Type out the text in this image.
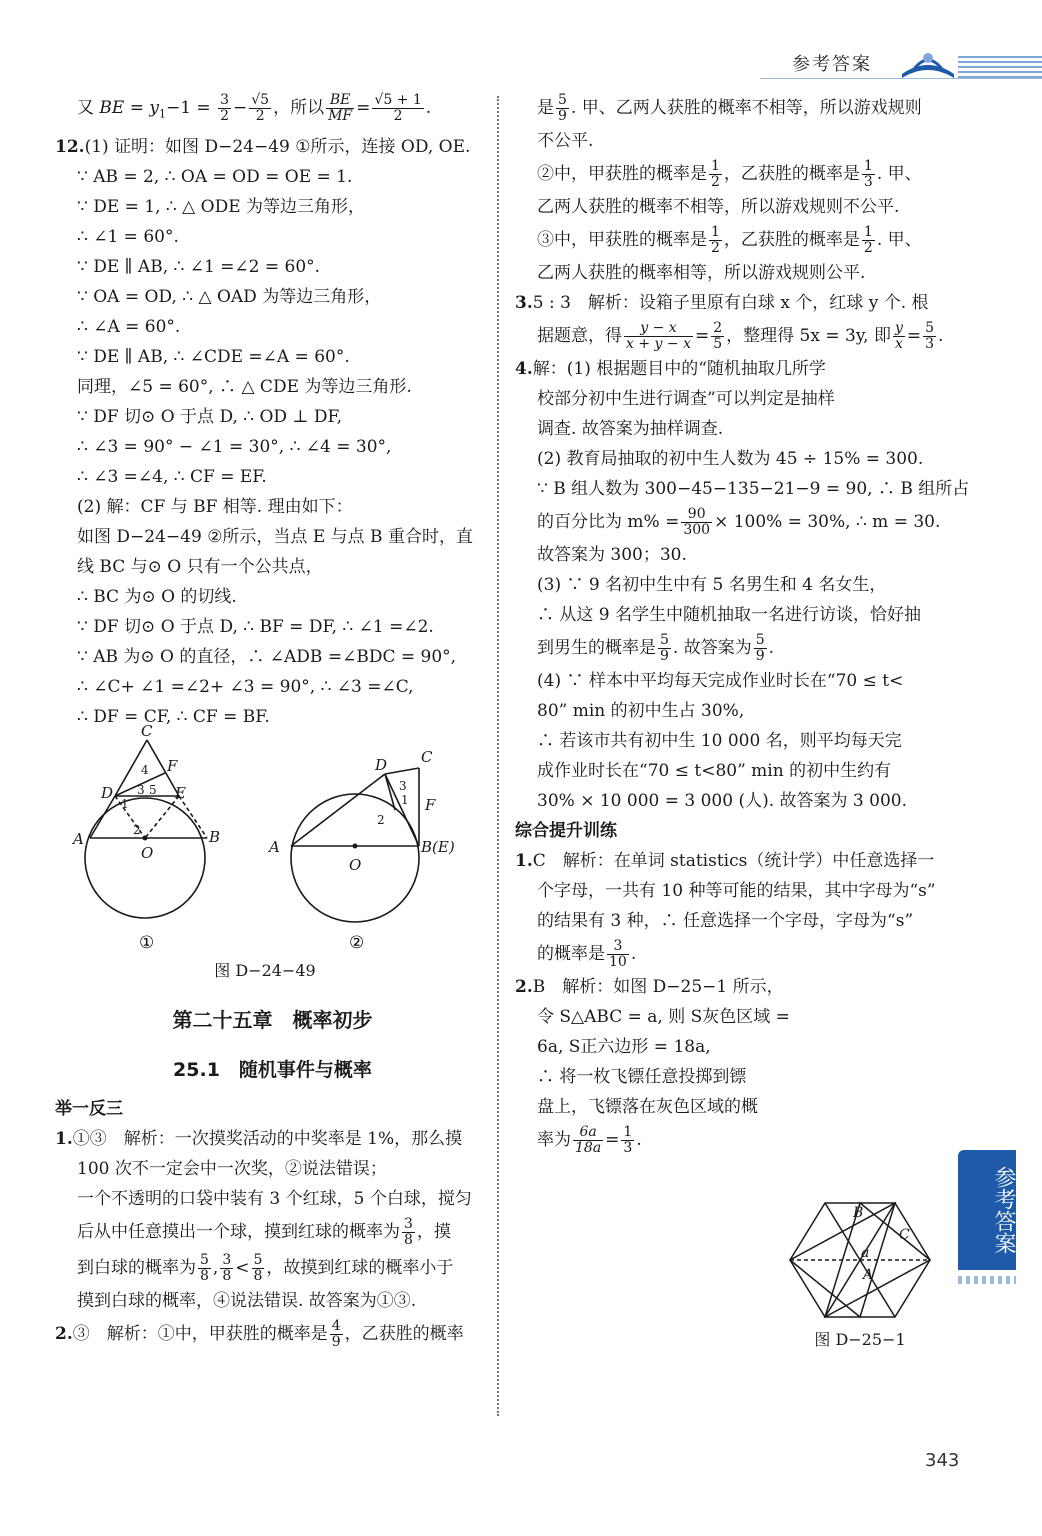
参考答案
又 BE = $y_1-1 = \frac{3}{2} - \frac{√5}{2}$ ，所以 $\frac{BE}{MF} = \frac{√5 + 1}{2}$ .
12.(1) 证明：如图 D−24−49 ①所示，连接 OD, OE.
∵ AB = 2, ∴ OA = OD = OE = 1.
∵ DE = 1, ∴ △ ODE 为等边三角形，
∴ ∠1 = 60°.
∵ DE ∥ AB, ∴ ∠1 =∠2 = 60°.
∵ OA = OD, ∴ △ OAD 为等边三角形，
∴ ∠A = 60°.
∵ DE ∥ AB, ∴ ∠CDE =∠A = 60°.
同理，∠5 = 60°, ∴ △ CDE 为等边三角形.
∵ DF 切⊙ O 于点 D, ∴ OD ⊥ DF,
∴ ∠3 = 90° − ∠1 = 30°, ∴ ∠4 = 30°,
∴ ∠3 =∠4, ∴ CF = EF.
(2) 解：CF 与 BF 相等. 理由如下：
如图 D−24−49 ②所示，当点 E 与点 B 重合时，直
线 BC 与⊙ O 只有一个公共点，
∴ BC 为⊙ O 的切线.
∵ DF 切⊙ O 于点 D, ∴ BF = DF, ∴ ∠1 =∠2.
∵ AB 为⊙ O 的直径，∴ ∠ADB =∠BDC = 90°,
∴ ∠C+ ∠1 =∠2+ ∠3 = 90°, ∴ ∠3 =∠C,
∴ DF = CF, ∴ CF = BF.
C
F
D	E
A	B
O
C
D
F
A	B(E)
O
4
3 5
1
2
3
1
2
①	②
图 D−24−49
第二十五章　概率初步
25.1　随机事件与概率
举一反三
1.①③　 解析：一次摸奖活动的中奖率是 1%，那么摸
100 次不一定会中一次奖，②说法错误；
一个不透明的口袋中装有 3 个红球，5 个白球，搅匀
后从中任意摸出一个球，摸到红球的概率为 $\frac{3}{8}$ ，摸
到白球的概率为 $\frac{5}{8}$ , $\frac{3}{8} < \frac{5}{8}$ ，故摸到红球的概率小于
摸到白球的概率，④说法错误. 故答案为①③.
2.③　 解析：①中，甲获胜的概率是 $\frac{4}{9}$ ，乙获胜的概率
是 $\frac{5}{9}$ . 甲、乙两人获胜的概率不相等，所以游戏规则
不公平.
②中，甲获胜的概率是 $\frac{1}{2}$ ，乙获胜的概率是 $\frac{1}{3}$ . 甲、
乙两人获胜的概率不相等，所以游戏规则不公平.
③中，甲获胜的概率是 $\frac{1}{2}$ ，乙获胜的概率是 $\frac{1}{2}$ . 甲、
乙两人获胜的概率相等，所以游戏规则公平.
3.5 : 3　解析：设箱子里原有白球 x 个，红球 y 个. 根
据题意，得 $\frac{y - x}{x + y - x} = \frac{2}{5}$ ，整理得 5x = 3y, 即 $\frac{y}{x} = \frac{5}{3}$ .
4.解：(1) 根据题目中的“随机抽取几所学
校部分初中生进行调查”可以判定是抽样
调查. 故答案为抽样调查.
(2) 教育局抽取的初中生人数为 45 ÷ 15% = 300.
∵ B 组人数为 300−45−135−21−9 = 90, ∴ B 组所占
的百分比为 $m\% = \frac{90}{300} \times 100\% = 30\%$, ∴ m = 30.
故答案为 300；30.
(3) ∵ 9 名初中生中有 5 名男生和 4 名女生，
∴ 从这 9 名学生中随机抽取一名进行访谈，恰好抽
到男生的概率是 $\frac{5}{9}$ . 故答案为 $\frac{5}{9}$ .
(4) ∵ 样本中平均每天完成作业时长在“70 ≤ t<
80” min 的初中生占 30%,
∴ 若该市共有初中生 10 000 名，则平均每天完
成作业时长在“70 ≤ t<80” min 的初中生约有
30% × 10 000 = 3 000 (人). 故答案为 3 000.
综合提升训练
1.C　解析：在单词 statistics（统计学）中任意选择一
个字母，一共有 10 种等可能的结果，其中字母为“s”
的结果有 3 种，∴ 任意选择一个字母，字母为“s”
的概率是 $\frac{3}{10}$ .
2.B　解析：如图 D−25−1 所示，
令 S△ABC = a, 则 S灰色区域 =
6a, S正六边形 = 18a,
∴ 将一枚飞镖任意投掷到镖
盘上，飞镖落在灰色区域的概
率为 $\frac{6a}{18a} = \frac{1}{3}$ .
B
C
a
A
图 D−25−1
参考答案
343
